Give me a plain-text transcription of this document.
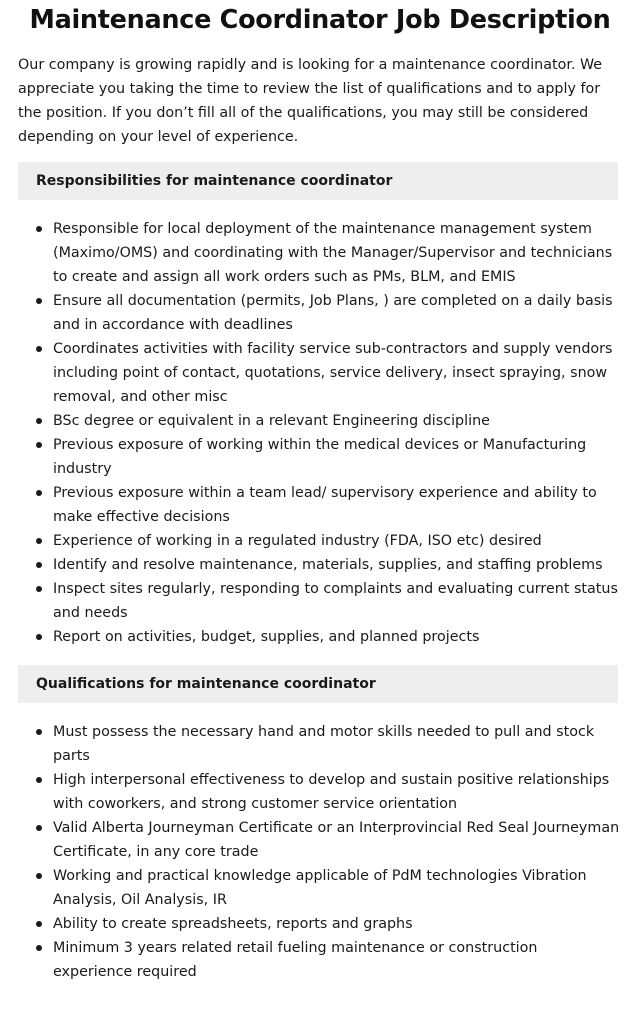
Maintenance Coordinator Job Description

Our company is growing rapidly and is looking for a maintenance coordinator. We appreciate you taking the time to review the list of qualifications and to apply for the position. If you don’t fill all of the qualifications, you may still be considered depending on your level of experience.

Responsibilities for maintenance coordinator
Responsible for local deployment of the maintenance management system (Maximo/OMS) and coordinating with the Manager/Supervisor and technicians to create and assign all work orders such as PMs, BLM, and EMIS
Ensure all documentation (permits, Job Plans, ) are completed on a daily basis and in accordance with deadlines
Coordinates activities with facility service sub-contractors and supply vendors including point of contact, quotations, service delivery, insect spraying, snow removal, and other misc
BSc degree or equivalent in a relevant Engineering discipline
Previous exposure of working within the medical devices or Manufacturing industry
Previous exposure within a team lead/ supervisory experience and ability to make effective decisions
Experience of working in a regulated industry (FDA, ISO etc) desired
Identify and resolve maintenance, materials, supplies, and staffing problems
Inspect sites regularly, responding to complaints and evaluating current status and needs
Report on activities, budget, supplies, and planned projects
Qualifications for maintenance coordinator
Must possess the necessary hand and motor skills needed to pull and stock parts
High interpersonal effectiveness to develop and sustain positive relationships with coworkers, and strong customer service orientation
Valid Alberta Journeyman Certificate or an Interprovincial Red Seal Journeyman Certificate, in any core trade
Working and practical knowledge applicable of PdM technologies Vibration Analysis, Oil Analysis, IR
Ability to create spreadsheets, reports and graphs
Minimum 3 years related retail fueling maintenance or construction experience required
